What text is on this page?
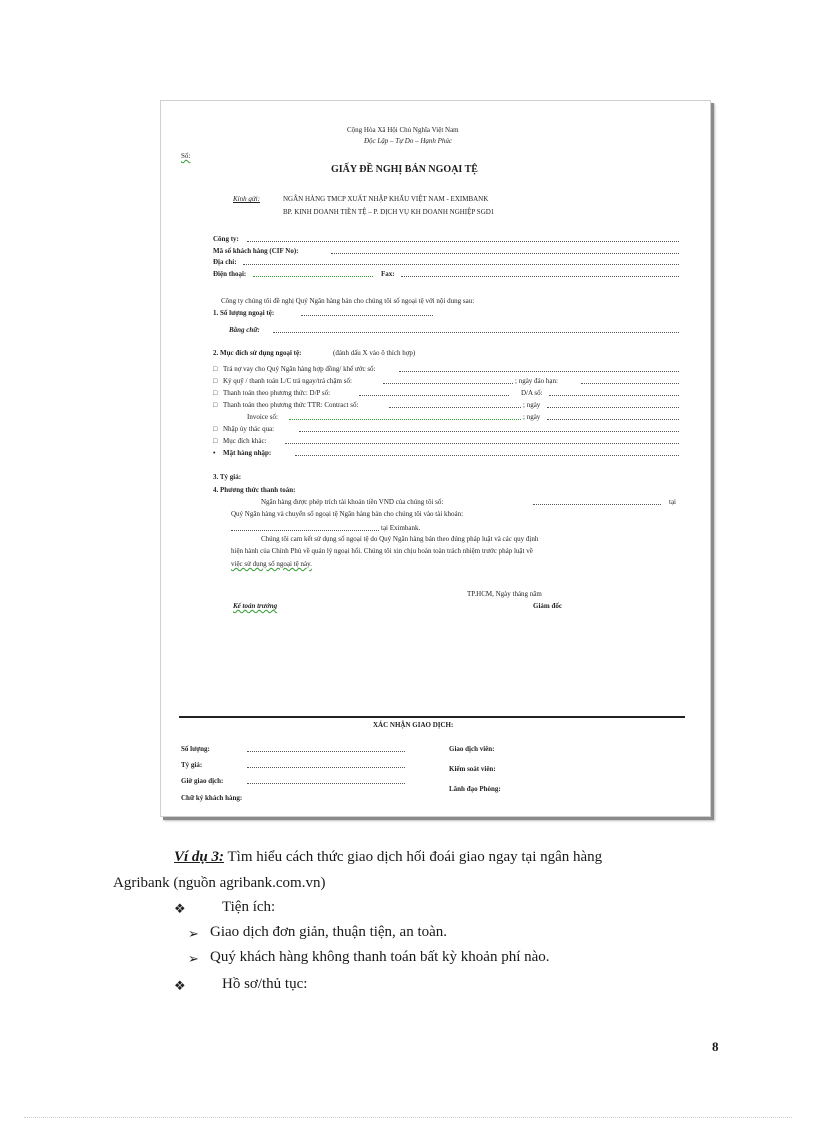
Cộng Hòa Xã Hội Chủ Nghĩa Việt Nam
Độc Lập – Tự Do – Hạnh Phúc
Số:
GIẤY ĐỀ NGHỊ BÁN NGOẠI TỆ
Kính gửi:	NGÂN HÀNG TMCP XUẤT NHẬP KHẨU VIỆT NAM - EXIMBANK
BP. KINH DOANH TIỀN TỆ – P. DỊCH VỤ KH DOANH NGHIỆP SGD1
Công ty:
Mã số khách hàng (CIF No):
Địa chỉ:
Điện thoại:	Fax:
Công ty chúng tôi đề nghị Quý Ngân hàng bán cho chúng tôi số ngoại tệ với nội dung sau:
1. Số lượng ngoại tệ:
Bằng chữ:
2. Mục đích sử dụng ngoại tệ:	(đánh dấu X vào ô thích hợp)
□ Trả nợ vay cho Quý Ngân hàng hợp đồng/ khế ước số:
□ Ký quỹ / thanh toán L/C trả ngay/trả chậm số:	; ngày đáo hạn:
□ Thanh toán theo phương thức: D/P số:	D/A số:
□ Thanh toán theo phương thức TTR: Contract số:	; ngày
Invoice số:	; ngày
□ Nhập ủy thác qua:
□ Mục đích khác:
• Mặt hàng nhập:
3. Tỷ giá:
4. Phương thức thanh toán:
Ngân hàng được phép trích tài khoản tiền VND của chúng tôi số:	tại
Quý Ngân hàng và chuyển số ngoại tệ Ngân hàng bán cho chúng tôi vào tài khoản:
tại Eximbank.
Chúng tôi cam kết sử dụng số ngoại tệ do Quý Ngân hàng bán theo đúng pháp luật và các quy định
hiện hành của Chính Phủ về quản lý ngoại hối. Chúng tôi xin chịu hoàn toàn trách nhiệm trước pháp luật về
việc sử dụng số ngoại tệ này.
TP.HCM, Ngày tháng năm
Kế toán trưởng	Giám đốc
XÁC NHẬN GIAO DỊCH:
Số lượng:
Tỷ giá:
Giờ giao dịch:
Chữ ký khách hàng:
Giao dịch viên:
Kiểm soát viên:
Lãnh đạo Phòng:
Ví dụ 3: Tìm hiểu cách thức giao dịch hối đoái giao ngay tại ngân hàng
Agribank (nguồn agribank.com.vn)
❖ Tiện ích:
➢ Giao dịch đơn giản, thuận tiện, an toàn.
➢ Quý khách hàng không thanh toán bất kỳ khoản phí nào.
❖ Hồ sơ/thủ tục:
8
